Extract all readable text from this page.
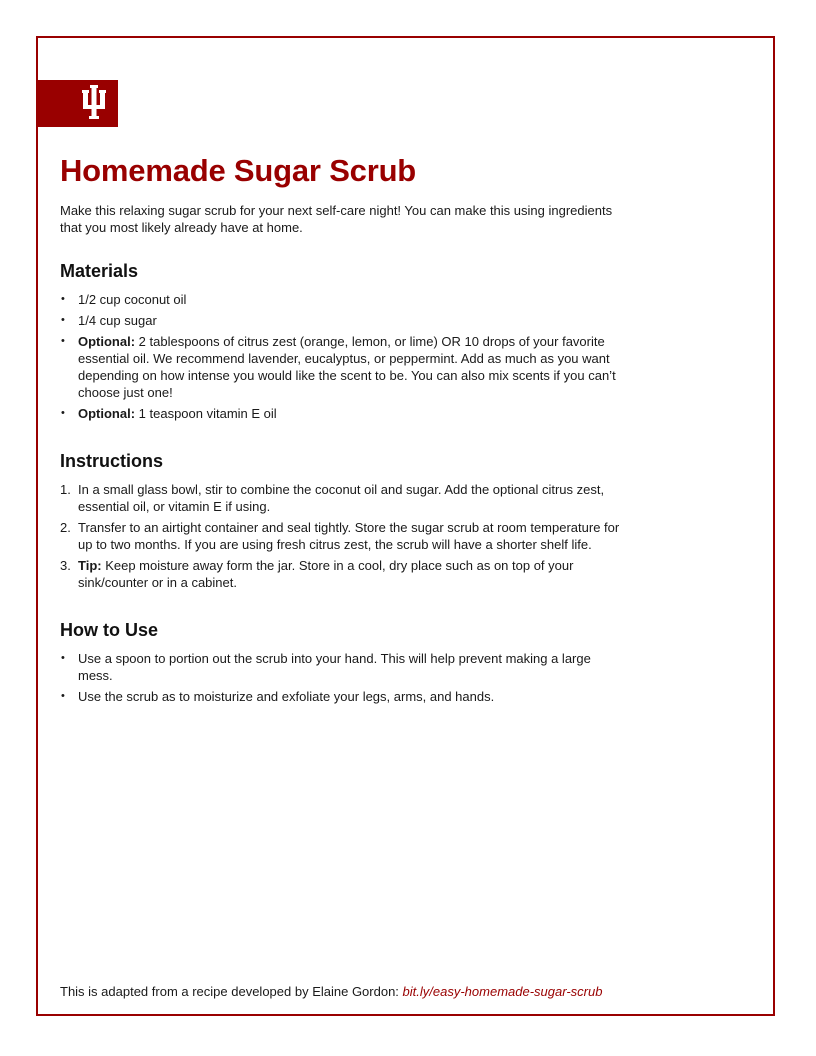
Homemade Sugar Scrub

Make this relaxing sugar scrub for your next self-care night! You can make this using ingredients that you most likely already have at home.

Materials
• 1/2 cup coconut oil
• 1/4 cup sugar
• Optional: 2 tablespoons of citrus zest (orange, lemon, or lime) OR 10 drops of your favorite essential oil. We recommend lavender, eucalyptus, or peppermint. Add as much as you want depending on how intense you would like the scent to be. You can also mix scents if you can’t choose just one!
• Optional: 1 teaspoon vitamin E oil
Instructions
1. In a small glass bowl, stir to combine the coconut oil and sugar. Add the optional citrus zest, essential oil, or vitamin E if using.
2. Transfer to an airtight container and seal tightly. Store the sugar scrub at room temperature for up to two months. If you are using fresh citrus zest, the scrub will have a shorter shelf life.
3. Tip: Keep moisture away form the jar. Store in a cool, dry place such as on top of your sink/counter or in a cabinet.
How to Use
• Use a spoon to portion out the scrub into your hand. This will help prevent making a large mess.
• Use the scrub as to moisturize and exfoliate your legs, arms, and hands.
This is adapted from a recipe developed by Elaine Gordon: bit.ly/easy-homemade-sugar-scrub
